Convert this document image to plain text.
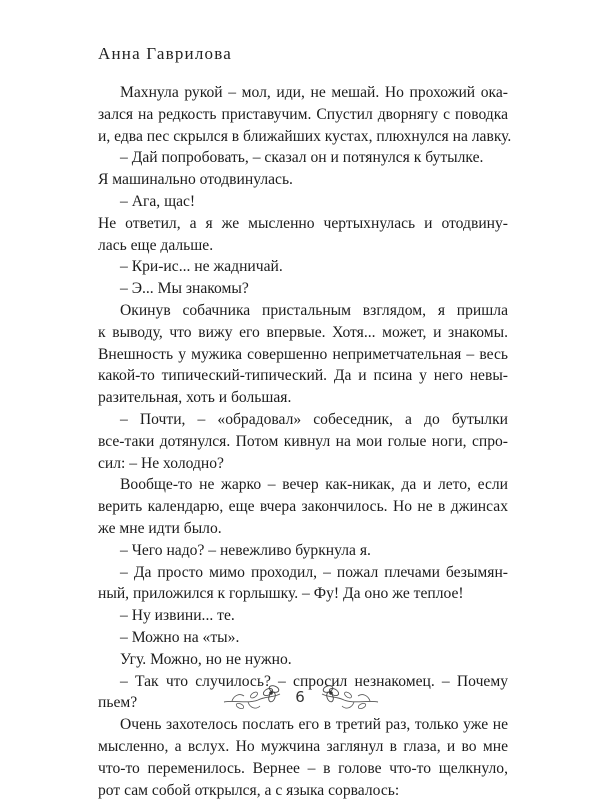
Анна Гаврилова
Махнула рукой – мол, иди, не мешай. Но прохожий ока-
зался на редкость приставучим. Спустил дворнягу с поводка
и, едва пес скрылся в ближайших кустах, плюхнулся на лавку.
– Дай попробовать, – сказал он и потянулся к бутылке.
Я машинально отодвинулась.
– Ага, щас!
Не ответил, а я же мысленно чертыхнулась и отодвину-
лась еще дальше.
– Кри-ис... не жадничай.
– Э... Мы знакомы?
Окинув собачника пристальным взглядом, я пришла
к выводу, что вижу его впервые. Хотя... может, и знакомы.
Внешность у мужика совершенно неприметчательная – весь
какой-то типический-типический. Да и псина у него невы-
разительная, хоть и большая.
– Почти, – «обрадовал» собеседник, а до бутылки
все-таки дотянулся. Потом кивнул на мои голые ноги, спро-
сил: – Не холодно?
Вообще-то не жарко – вечер как-никак, да и лето, если
верить календарю, еще вчера закончилось. Но не в джинсах
же мне идти было.
– Чего надо? – невежливо буркнула я.
– Да просто мимо проходил, – пожал плечами безымян-
ный, приложился к горлышку. – Фу! Да оно же теплое!
– Ну извини... те.
– Можно на «ты».
Угу. Можно, но не нужно.
– Так что случилось? – спросил незнакомец. – Почему
пьем?
Очень захотелось послать его в третий раз, только уже не
мысленно, а вслух. Но мужчина заглянул в глаза, и во мне
что-то переменилось. Вернее – в голове что-то щелкнуло,
рот сам собой открылся, а с языка сорвалось:
6
